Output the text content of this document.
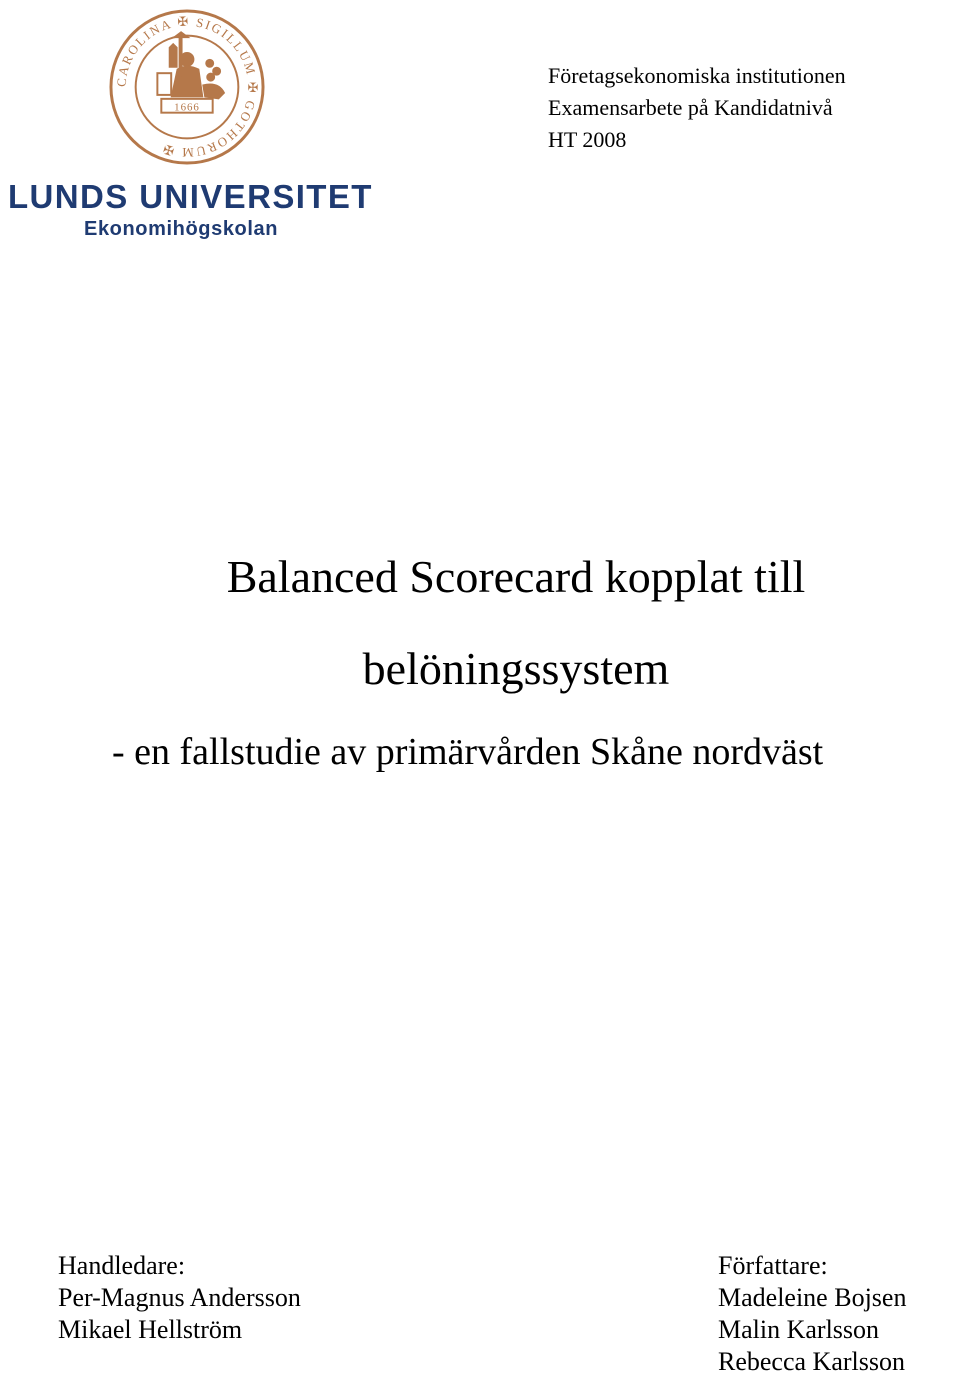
CAROLINA ✠ SIGILLUM ✠ GOTHORUM ✠
1666
LUNDS UNIVERSITET
Ekonomihögskolan
Företagsekonomiska institutionen
Examensarbete på Kandidatnivå
HT 2008
Balanced Scorecard kopplat till
belöningssystem
- en fallstudie av primärvården Skåne nordväst
Handledare:
Per-Magnus Andersson
Mikael Hellström
Författare:
Madeleine Bojsen
Malin Karlsson
Rebecca Karlsson
